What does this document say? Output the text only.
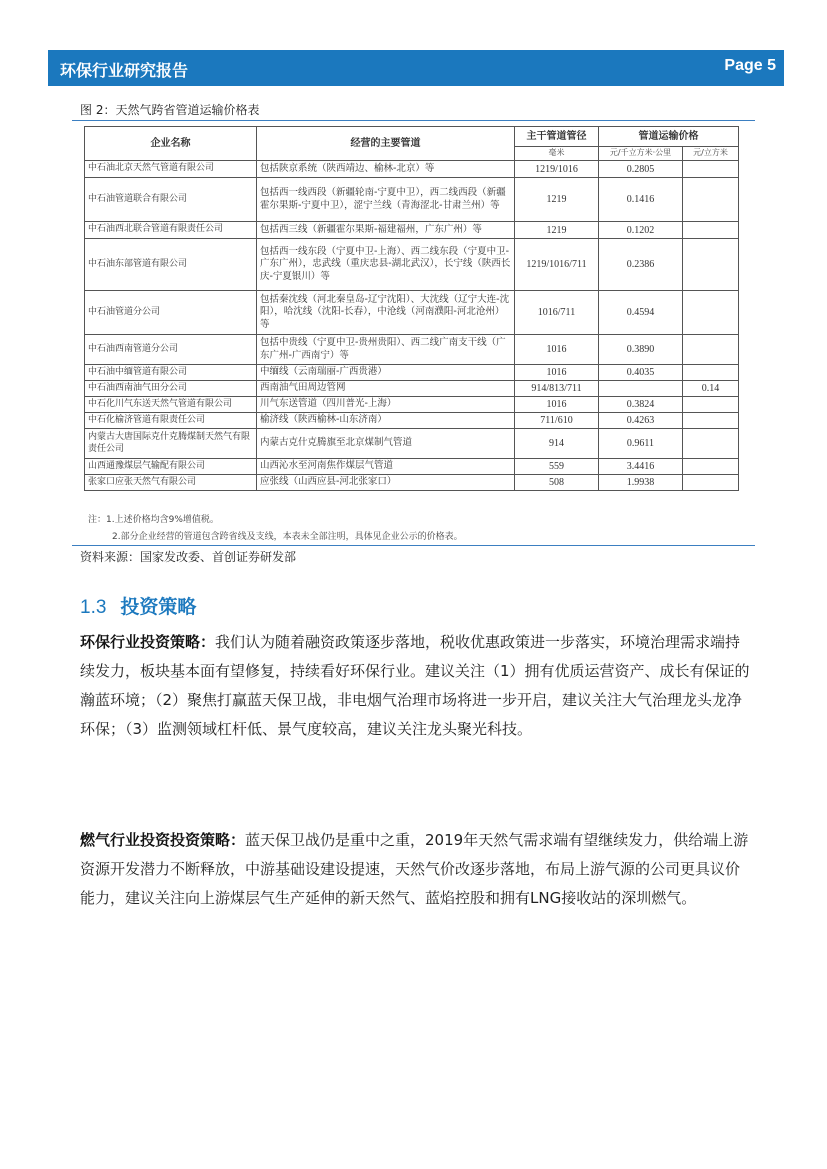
环保行业研究报告	Page 5
图 2：天然气跨省管道运输价格表
企业名称	经营的主要管道	主干管道管径	管道运输价格	
		毫米	元/千立方米·公里	元/立方米
中石油北京天然气管道有限公司	包括陕京系统（陕西靖边、榆林-北京）等	1219/1016	0.2805	
中石油管道联合有限公司	包括西一线西段（新疆轮南-宁夏中卫），西二线西段（新疆霍尔果斯-宁夏中卫），涩宁兰线（青海涩北-甘肃兰州）等	1219	0.1416	
中石油西北联合管道有限责任公司	包括西三线（新疆霍尔果斯-福建福州，广东广州）等	1219	0.1202	
中石油东部管道有限公司	包括西一线东段（宁夏中卫-上海）、西二线东段（宁夏中卫-广东广州），忠武线（重庆忠县-湖北武汉），长宁线（陕西长庆-宁夏银川）等	1219/1016/711	0.2386	
中石油管道分公司	包括秦沈线（河北秦皇岛-辽宁沈阳）、大沈线（辽宁大连-沈阳），哈沈线（沈阳-长春），中沧线（河南濮阳-河北沧州）等	1016/711	0.4594	
中石油西南管道分公司	包括中贵线（宁夏中卫-贵州贵阳）、西二线广南支干线（广东广州-广西南宁）等	1016	0.3890	
中石油中缅管道有限公司	中缅线（云南瑞丽-广西贵港）	1016	0.4035	
中石油西南油气田分公司	西南油气田周边管网	914/813/711		0.14
中石化川气东送天然气管道有限公司	川气东送管道（四川普光-上海）	1016	0.3824	
中石化榆济管道有限责任公司	榆济线（陕西榆林-山东济南）	711/610	0.4263	
内蒙古大唐国际克什克腾煤制天然气有限责任公司	内蒙古克什克腾旗至北京煤制气管道	914	0.9611	
山西通豫煤层气输配有限公司	山西沁水至河南焦作煤层气管道	559	3.4416	
张家口应张天然气有限公司	应张线（山西应县-河北张家口）	508	1.9938	
注：1.上述价格均含9%增值税。
2.部分企业经营的管道包含跨省线及支线，本表未全部注明，具体见企业公示的价格表。
资料来源：国家发改委、首创证券研发部
1.3 投资策略
环保行业投资策略：我们认为随着融资政策逐步落地，税收优惠政策进一步落实，环境治理需求端持续发力，板块基本面有望修复，持续看好环保行业。建议关注（1）拥有优质运营资产、成长有保证的瀚蓝环境；（2）聚焦打赢蓝天保卫战，非电烟气治理市场将进一步开启，建议关注大气治理龙头龙净环保；（3）监测领域杠杆低、景气度较高，建议关注龙头聚光科技。
燃气行业投资投资策略：蓝天保卫战仍是重中之重，2019年天然气需求端有望继续发力，供给端上游资源开发潜力不断释放，中游基础设建设提速，天然气价改逐步落地，布局上游气源的公司更具议价能力，建议关注向上游煤层气生产延伸的新天然气、蓝焰控股和拥有LNG接收站的深圳燃气。
